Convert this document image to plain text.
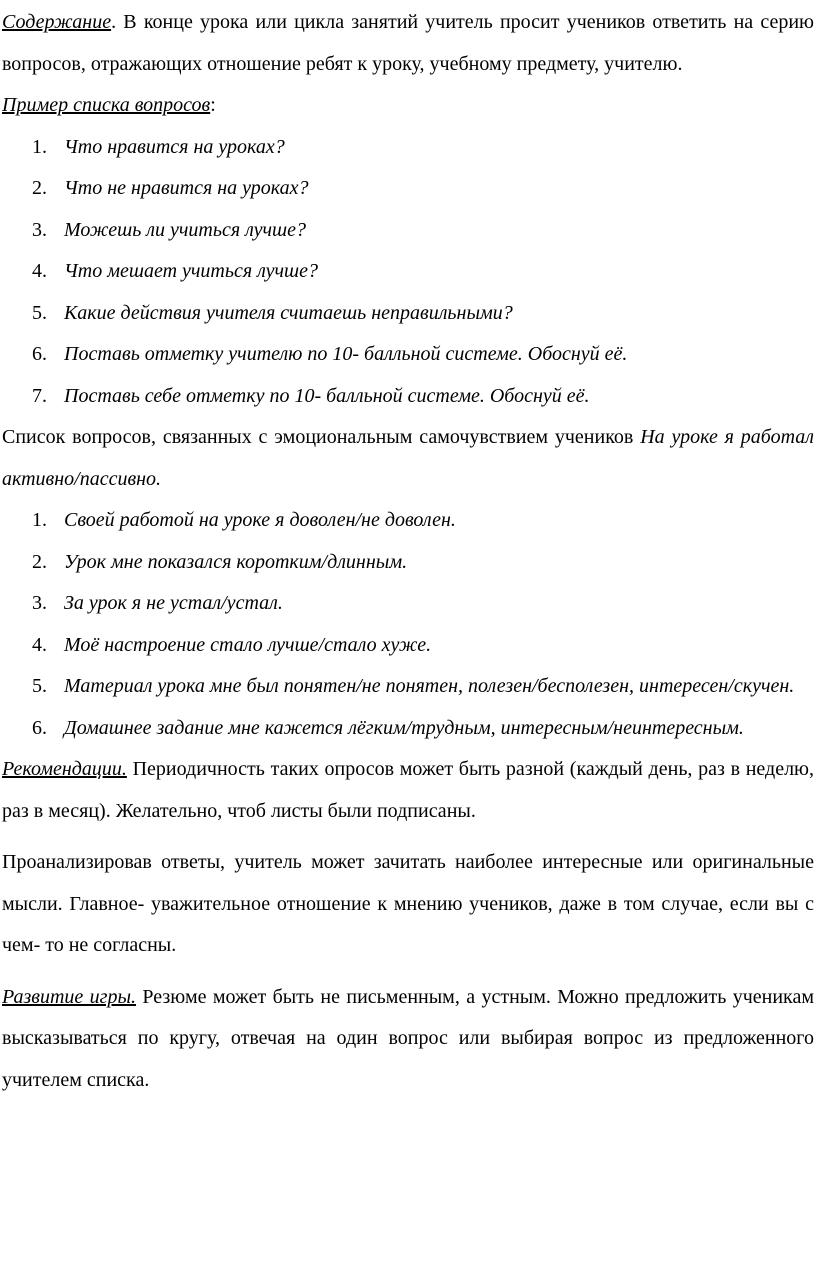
Содержание. В конце урока или цикла занятий учитель просит учеников ответить на серию вопросов, отражающих отношение ребят к уроку, учебному предмету, учителю.

Пример списка вопросов:

1. Что нравится на уроках?
2. Что не нравится на уроках?
3. Можешь ли учиться лучше?
4. Что мешает учиться лучше?
5. Какие действия учителя считаешь неправильными?
6. Поставь отметку учителю по 10- балльной системе. Обоснуй её.
7. Поставь себе отметку по 10- балльной системе. Обоснуй её.

Список вопросов, связанных с эмоциональным самочувствием учеников На уроке я работал активно/пассивно.

1. Своей работой на уроке я доволен/не доволен.
2. Урок мне показался коротким/длинным.
3. За урок я не устал/устал.
4. Моё настроение стало лучше/стало хуже.
5. Материал урока мне был понятен/не понятен, полезен/бесполезен, интересен/скучен.
6. Домашнее задание мне кажется лёгким/трудным, интересным/неинтересным.

Рекомендации. Периодичность таких опросов может быть разной (каждый день, раз в неделю, раз в месяц). Желательно, чтоб листы были подписаны.

Проанализировав ответы, учитель может зачитать наиболее интересные или оригинальные мысли. Главное- уважительное отношение к мнению учеников, даже в том случае, если вы с чем- то не согласны.

Развитие игры. Резюме может быть не письменным, а устным. Можно предложить ученикам высказываться по кругу, отвечая на один вопрос или выбирая вопрос из предложенного учителем списка.
